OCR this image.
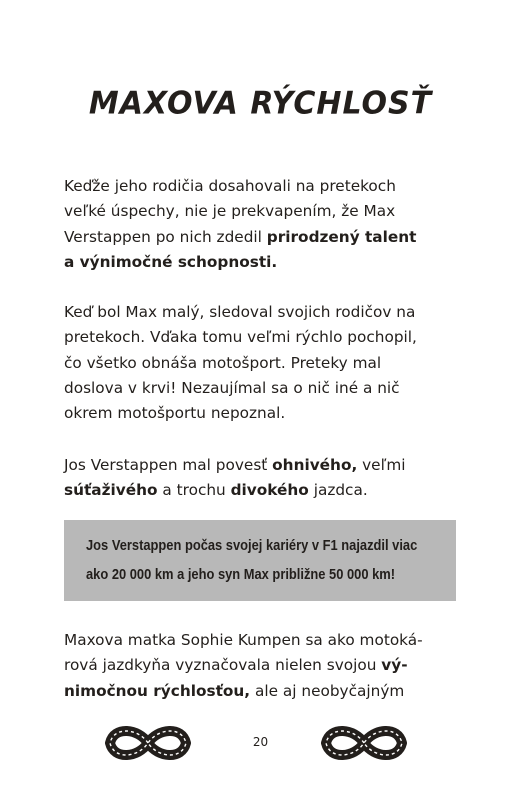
MAXOVA RÝCHLOSŤ
Keďže jeho rodičia dosahovali na pretekoch
veľké úspechy, nie je prekvapením, že Max
Verstappen po nich zdedil prirodzený talent
a výnimočné schopnosti.
Keď bol Max malý, sledoval svojich rodičov na
pretekoch. Vďaka tomu veľmi rýchlo pochopil,
čo všetko obnáša motošport. Preteky mal
doslova v krvi! Nezaujímal sa o nič iné a nič
okrem motošportu nepoznal.
Jos Verstappen mal povesť ohnivého, veľmi
súťaživého a trochu divokého jazdca.
Jos Verstappen počas svojej kariéry v F1 najazdil viac
ako 20 000 km a jeho syn Max približne 50 000 km!
Maxova matka Sophie Kumpen sa ako motoká-
rová jazdkyňa vyznačovala nielen svojou vý-
nimočnou rýchlosťou, ale aj neobyčajným
20
